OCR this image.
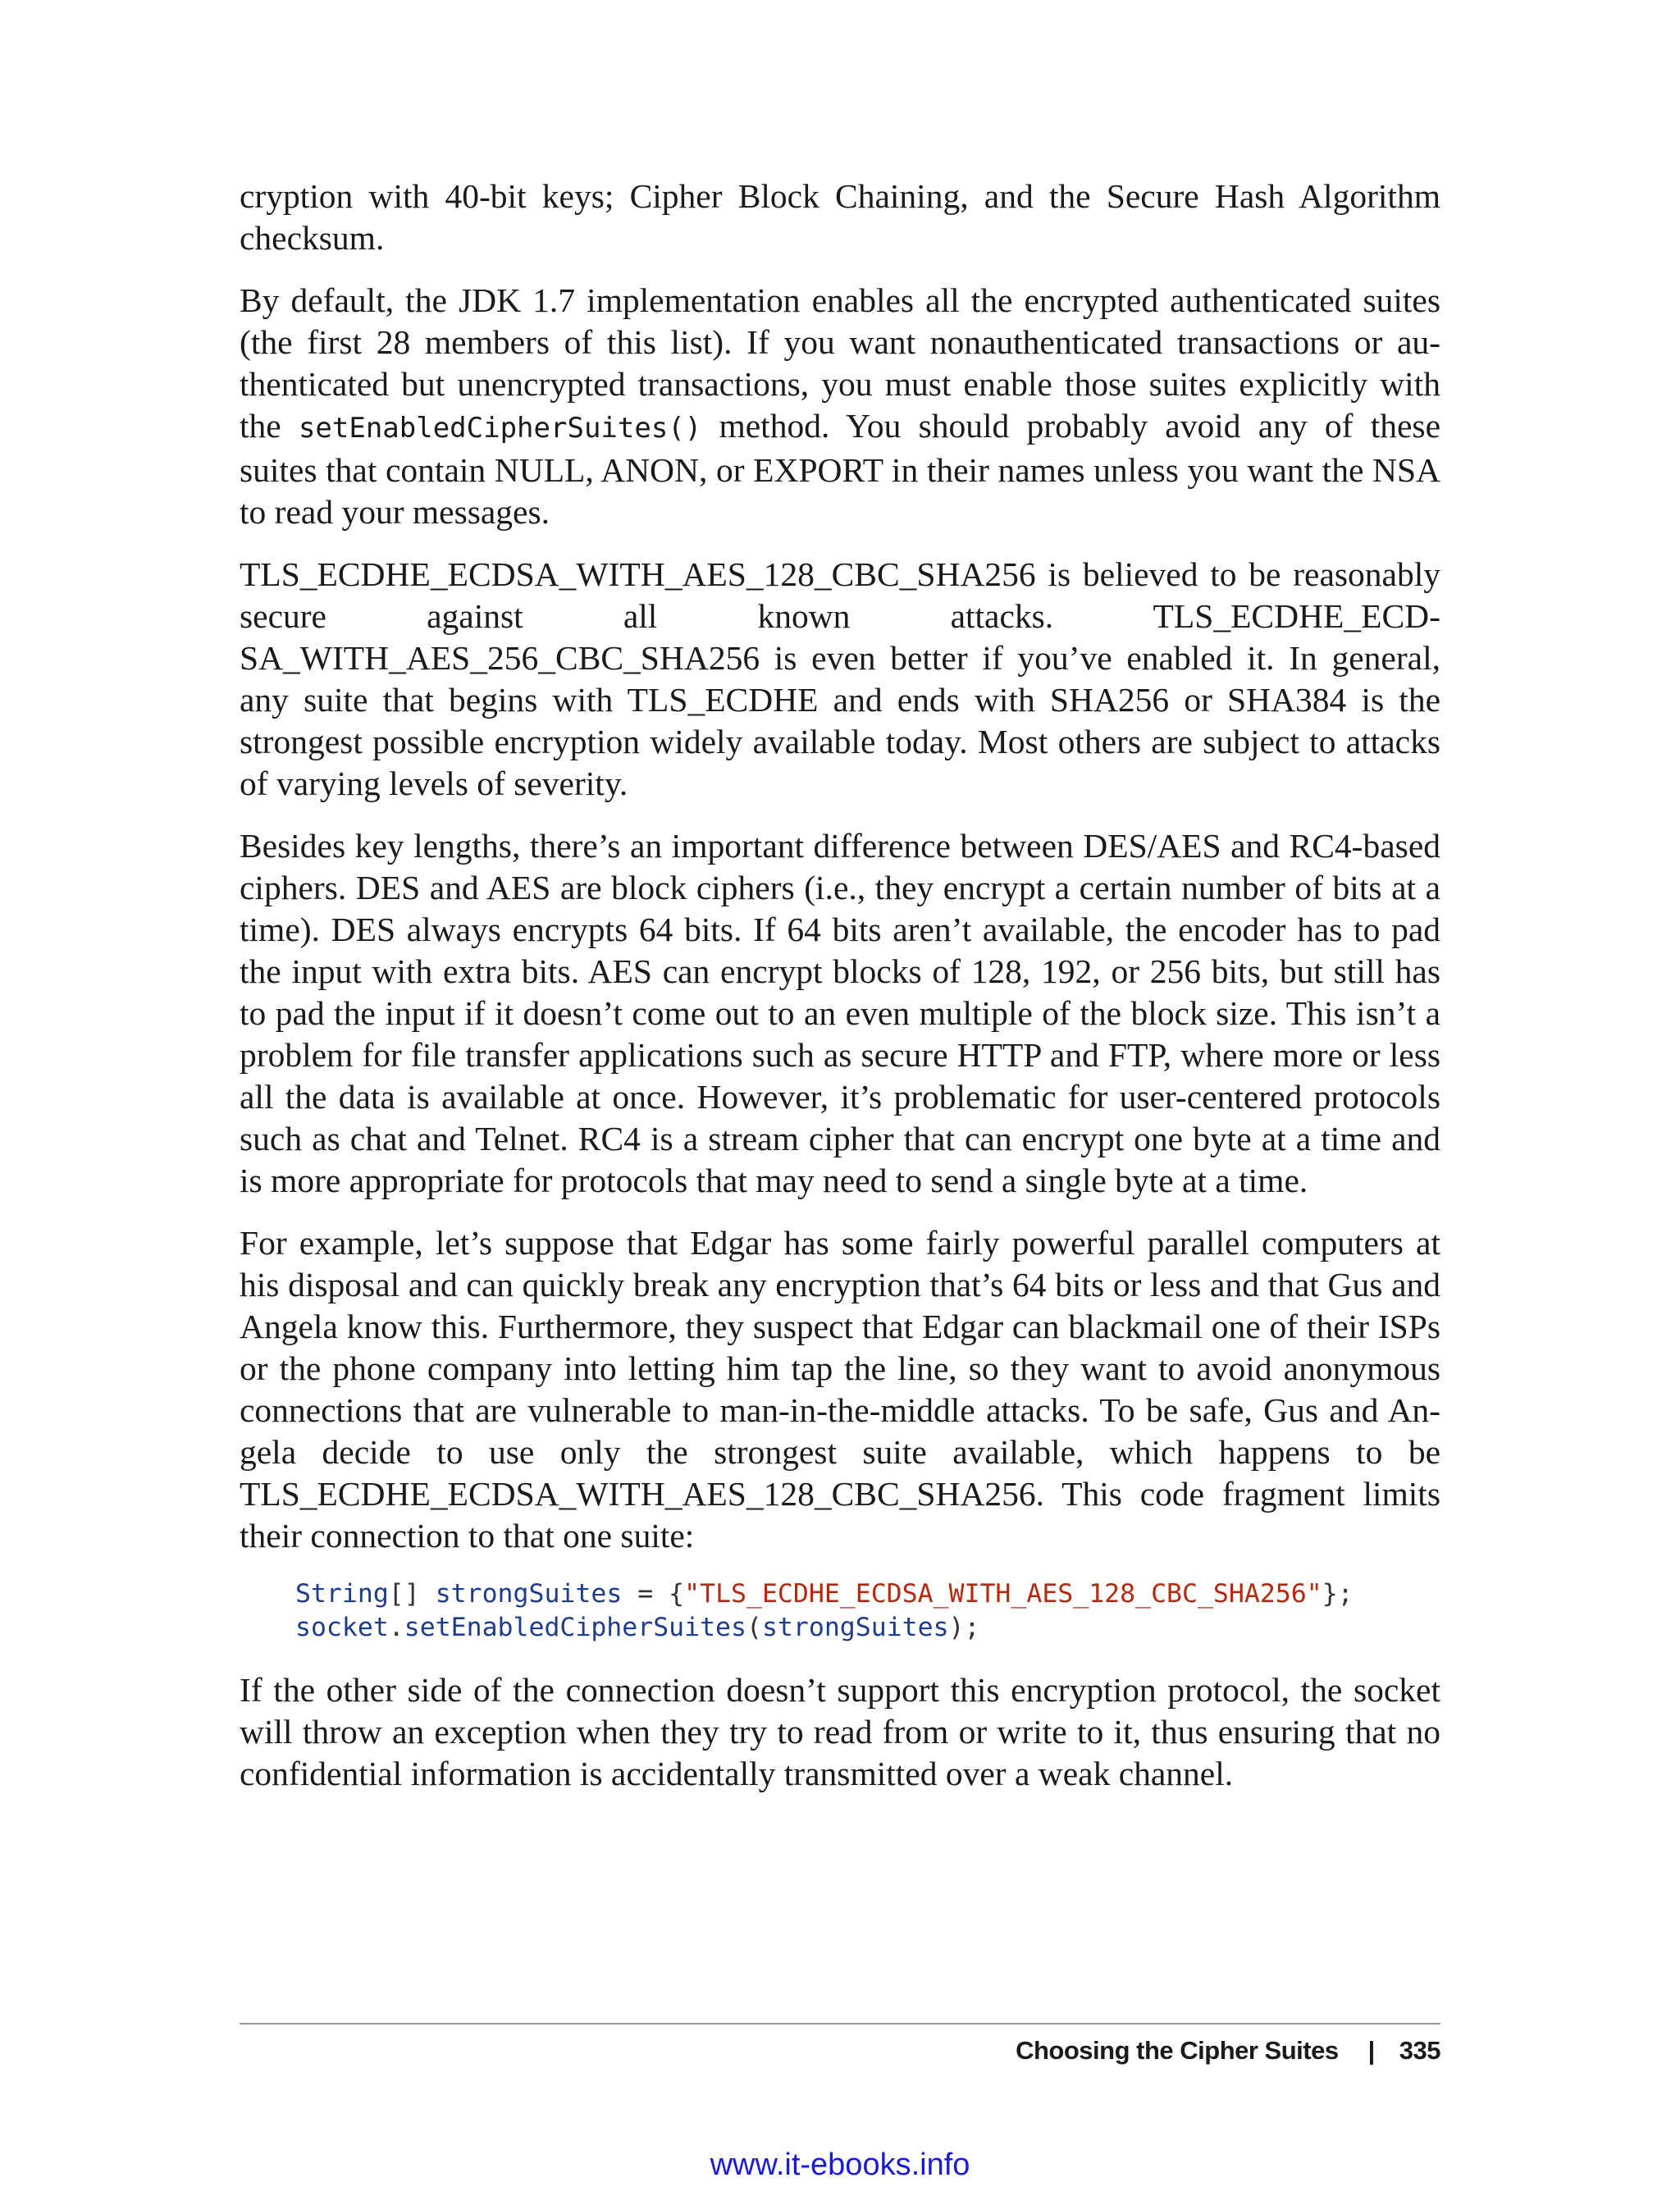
cryption with 40-bit keys; Cipher Block Chaining, and the Secure Hash Algorithm checksum.

By default, the JDK 1.7 implementation enables all the encrypted authenticated suites (the first 28 members of this list). If you want nonauthenticated transactions or authenticated but unencrypted transactions, you must enable those suites explicitly with the setEnabledCipherSuites() method. You should probably avoid any of these suites that contain NULL, ANON, or EXPORT in their names unless you want the NSA to read your messages.

TLS_ECDHE_ECDSA_WITH_AES_128_CBC_SHA256 is believed to be reasonably secure against all known attacks. TLS_ECDHE_ECDSA_WITH_AES_256_CBC_SHA256 is even better if you’ve enabled it. In general, any suite that begins with TLS_ECDHE and ends with SHA256 or SHA384 is the strongest possible encryption widely available today. Most others are subject to attacks of varying levels of severity.

Besides key lengths, there’s an important difference between DES/AES and RC4-based ciphers. DES and AES are block ciphers (i.e., they encrypt a certain number of bits at a time). DES always encrypts 64 bits. If 64 bits aren’t available, the encoder has to pad the input with extra bits. AES can encrypt blocks of 128, 192, or 256 bits, but still has to pad the input if it doesn’t come out to an even multiple of the block size. This isn’t a problem for file transfer applications such as secure HTTP and FTP, where more or less all the data is available at once. However, it’s problematic for user-centered protocols such as chat and Telnet. RC4 is a stream cipher that can encrypt one byte at a time and is more appropriate for protocols that may need to send a single byte at a time.

For example, let’s suppose that Edgar has some fairly powerful parallel computers at his disposal and can quickly break any encryption that’s 64 bits or less and that Gus and Angela know this. Furthermore, they suspect that Edgar can blackmail one of their ISPs or the phone company into letting him tap the line, so they want to avoid anonymous connections that are vulnerable to man-in-the-middle attacks. To be safe, Gus and Angela decide to use only the strongest suite available, which happens to be TLS_ECDHE_ECDSA_WITH_AES_128_CBC_SHA256. This code fragment limits their connection to that one suite:

String[] strongSuites = {"TLS_ECDHE_ECDSA_WITH_AES_128_CBC_SHA256"};
socket.setEnabledCipherSuites(strongSuites);

If the other side of the connection doesn’t support this encryption protocol, the socket will throw an exception when they try to read from or write to it, thus ensuring that no confidential information is accidentally transmitted over a weak channel.

Choosing the Cipher Suites | 335
www.it-ebooks.info
